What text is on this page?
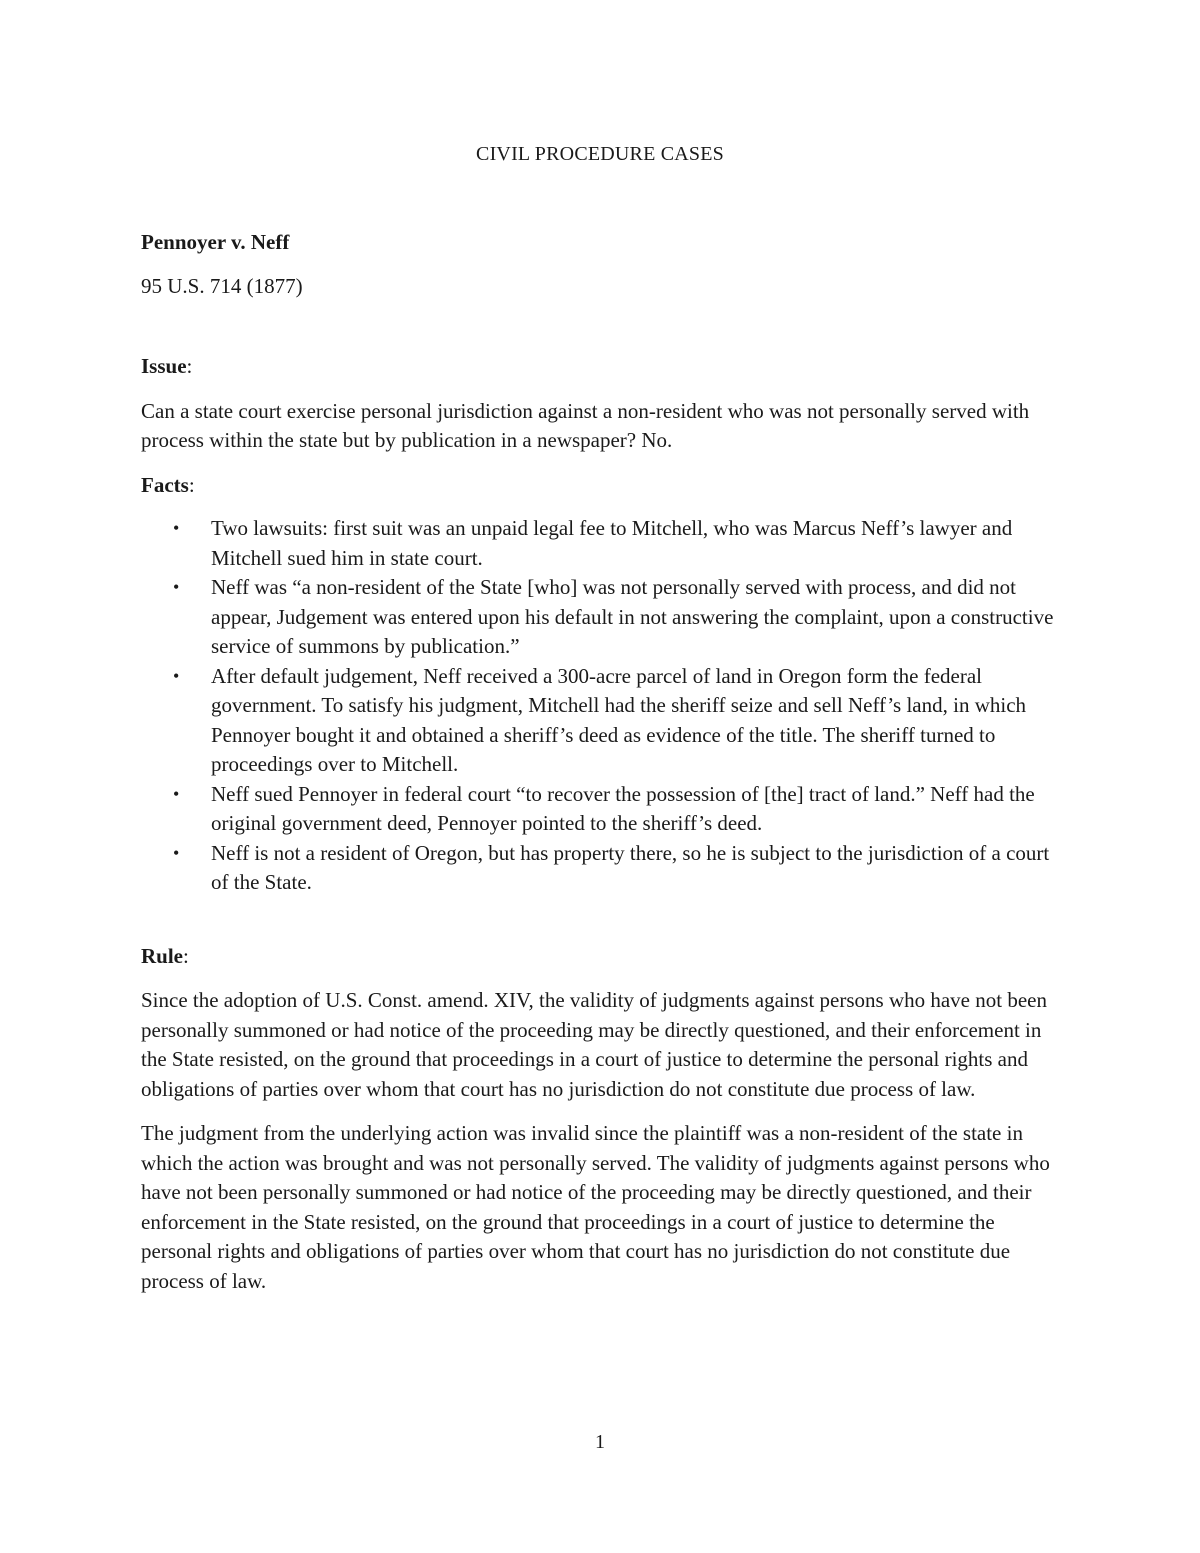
CIVIL PROCEDURE CASES

Pennoyer v. Neff

95 U.S. 714 (1877)

Issue:

Can a state court exercise personal jurisdiction against a non-resident who was not personally served with process within the state but by publication in a newspaper? No.

Facts:

• Two lawsuits: first suit was an unpaid legal fee to Mitchell, who was Marcus Neff’s lawyer and Mitchell sued him in state court.
• Neff was “a non-resident of the State [who] was not personally served with process, and did not appear, Judgement was entered upon his default in not answering the complaint, upon a constructive service of summons by publication.”
• After default judgement, Neff received a 300-acre parcel of land in Oregon form the federal government. To satisfy his judgment, Mitchell had the sheriff seize and sell Neff’s land, in which Pennoyer bought it and obtained a sheriff’s deed as evidence of the title. The sheriff turned to proceedings over to Mitchell.
• Neff sued Pennoyer in federal court “to recover the possession of [the] tract of land.” Neff had the original government deed, Pennoyer pointed to the sheriff’s deed.
• Neff is not a resident of Oregon, but has property there, so he is subject to the jurisdiction of a court of the State.

Rule:

Since the adoption of U.S. Const. amend. XIV, the validity of judgments against persons who have not been personally summoned or had notice of the proceeding may be directly questioned, and their enforcement in the State resisted, on the ground that proceedings in a court of justice to determine the personal rights and obligations of parties over whom that court has no jurisdiction do not constitute due process of law.

The judgment from the underlying action was invalid since the plaintiff was a non-resident of the state in which the action was brought and was not personally served. The validity of judgments against persons who have not been personally summoned or had notice of the proceeding may be directly questioned, and their enforcement in the State resisted, on the ground that proceedings in a court of justice to determine the personal rights and obligations of parties over whom that court has no jurisdiction do not constitute due process of law.

1
